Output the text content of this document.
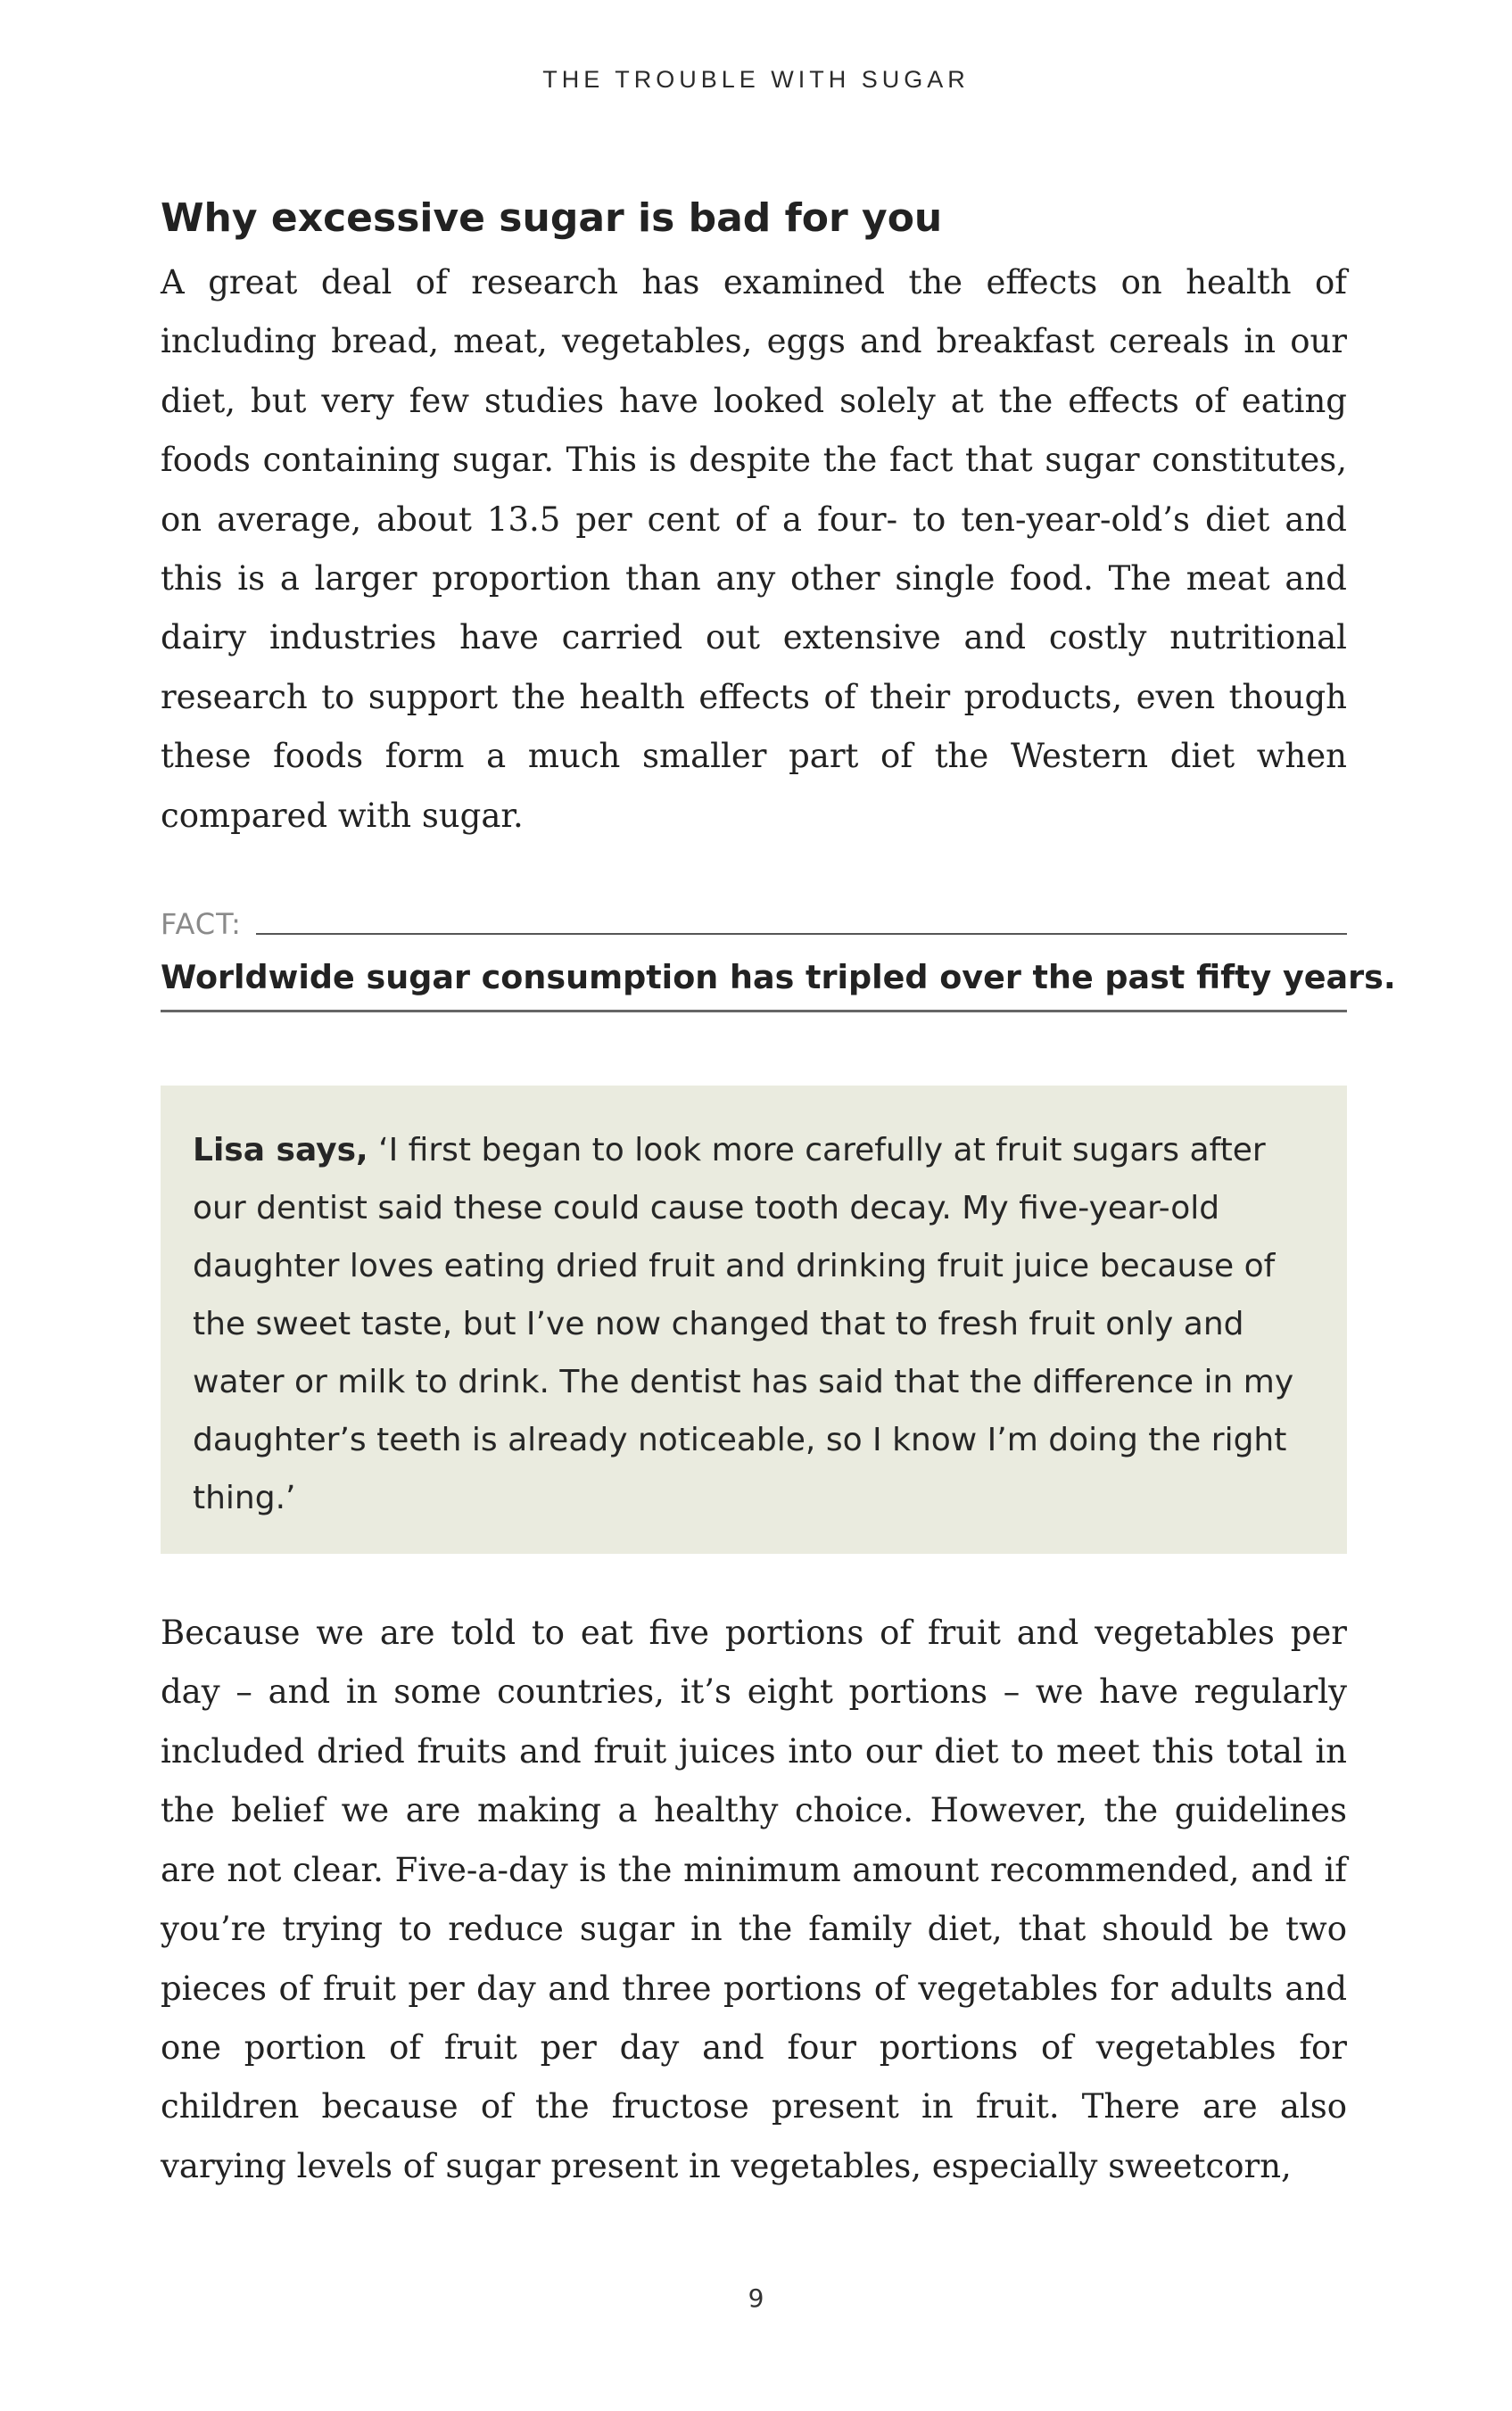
THE TROUBLE WITH SUGAR
Why excessive sugar is bad for you

A great deal of research has examined the effects on health of including bread, meat, vegetables, eggs and breakfast cereals in our diet, but very few studies have looked solely at the effects of eating foods containing sugar. This is despite the fact that sugar constitutes, on average, about 13.5 per cent of a four- to ten-year-old’s diet and this is a larger proportion than any other single food. The meat and dairy industries have carried out extensive and costly nutritional research to support the health effects of their products, even though these foods form a much smaller part of the Western diet when compared with sugar.

FACT:

Worldwide sugar consumption has tripled over the past fifty years.

Lisa says, ‘I first began to look more carefully at fruit sugars after our dentist said these could cause tooth decay. My five-year-old daughter loves eating dried fruit and drinking fruit juice because of the sweet taste, but I’ve now changed that to fresh fruit only and water or milk to drink. The dentist has said that the difference in my daughter’s teeth is already noticeable, so I know I’m doing the right thing.’

Because we are told to eat five portions of fruit and vegetables per day – and in some countries, it’s eight portions – we have regularly included dried fruits and fruit juices into our diet to meet this total in the belief we are making a healthy choice. However, the guidelines are not clear. Five-a-day is the minimum amount recommended, and if you’re trying to reduce sugar in the family diet, that should be two pieces of fruit per day and three portions of vegetables for adults and one portion of fruit per day and four portions of vegetables for children because of the fructose present in fruit. There are also varying levels of sugar present in vegetables, especially sweetcorn,

9
